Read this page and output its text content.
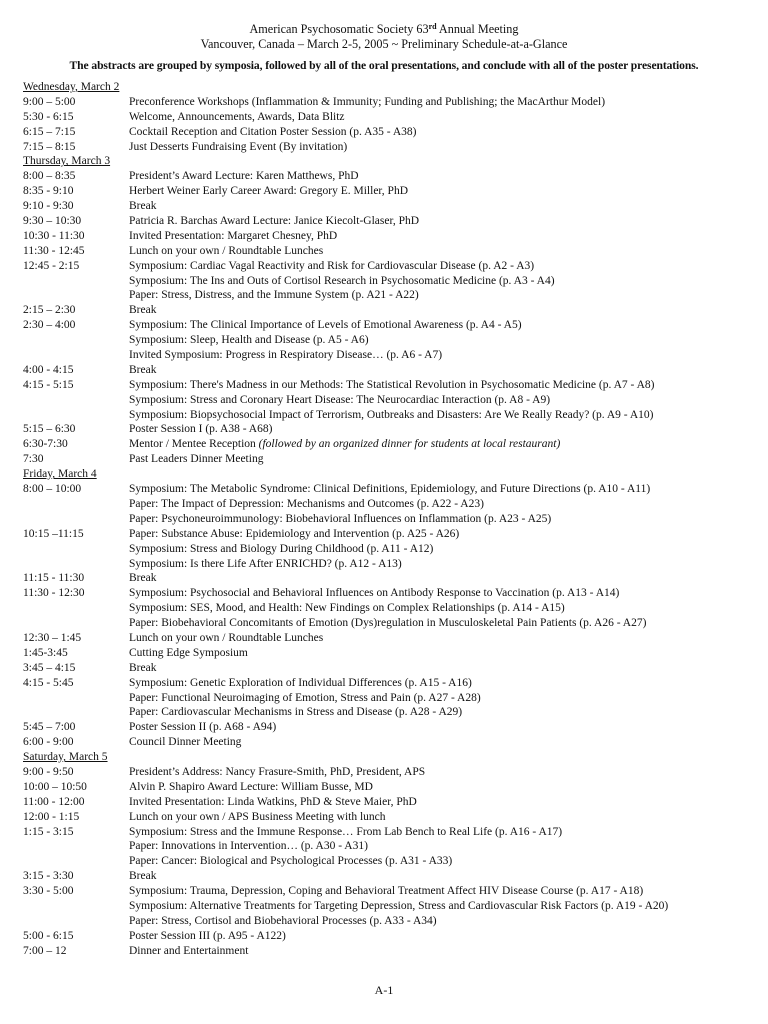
American Psychosomatic Society 63rd Annual Meeting
Vancouver, Canada – March 2-5, 2005 ~ Preliminary Schedule-at-a-Glance
The abstracts are grouped by symposia, followed by all of the oral presentations, and conclude with all of the poster presentations.
Wednesday, March 2
9:00 – 5:00	Preconference Workshops (Inflammation & Immunity; Funding and Publishing; the MacArthur Model)
5:30 - 6:15	Welcome, Announcements, Awards, Data Blitz
6:15 – 7:15	Cocktail Reception and Citation Poster Session (p. A35 - A38)
7:15 – 8:15	Just Desserts Fundraising Event (By invitation)
Thursday, March 3
8:00 – 8:35	President’s Award Lecture: Karen Matthews, PhD
8:35 - 9:10	Herbert Weiner Early Career Award: Gregory E. Miller, PhD
9:10 - 9:30	Break
9:30 – 10:30	Patricia R. Barchas Award Lecture: Janice Kiecolt-Glaser, PhD
10:30 - 11:30	Invited Presentation: Margaret Chesney, PhD
11:30 - 12:45	Lunch on your own / Roundtable Lunches
12:45 - 2:15	Symposium: Cardiac Vagal Reactivity and Risk for Cardiovascular Disease (p. A2 - A3)
Symposium: The Ins and Outs of Cortisol Research in Psychosomatic Medicine (p. A3 - A4)
Paper: Stress, Distress, and the Immune System (p. A21 - A22)
2:15 – 2:30	Break
2:30 – 4:00	Symposium: The Clinical Importance of Levels of Emotional Awareness (p. A4 - A5)
Symposium: Sleep, Health and Disease (p. A5 - A6)
Invited Symposium: Progress in Respiratory Disease… (p. A6 - A7)
4:00 - 4:15	Break
4:15 - 5:15	Symposium: There's Madness in our Methods: The Statistical Revolution in Psychosomatic Medicine (p. A7 - A8)
Symposium: Stress and Coronary Heart Disease: The Neurocardiac Interaction (p. A8 - A9)
Symposium: Biopsychosocial Impact of Terrorism, Outbreaks and Disasters: Are We Really Ready? (p. A9 - A10)
5:15 – 6:30	Poster Session I (p. A38 - A68)
6:30-7:30	Mentor / Mentee Reception (followed by an organized dinner for students at local restaurant)
7:30	Past Leaders Dinner Meeting
Friday, March 4
8:00 – 10:00	Symposium: The Metabolic Syndrome: Clinical Definitions, Epidemiology, and Future Directions (p. A10 - A11)
Paper: The Impact of Depression: Mechanisms and Outcomes (p. A22 - A23)
Paper: Psychoneuroimmunology: Biobehavioral Influences on Inflammation (p. A23 - A25)
10:15 –11:15	Paper: Substance Abuse: Epidemiology and Intervention (p. A25 - A26)
Symposium: Stress and Biology During Childhood (p. A11 - A12)
Symposium: Is there Life After ENRICHD? (p. A12 - A13)
11:15 - 11:30	Break
11:30 - 12:30	Symposium: Psychosocial and Behavioral Influences on Antibody Response to Vaccination (p. A13 - A14)
Symposium: SES, Mood, and Health: New Findings on Complex Relationships (p. A14 - A15)
Paper: Biobehavioral Concomitants of Emotion (Dys)regulation in Musculoskeletal Pain Patients (p. A26 - A27)
12:30 – 1:45	Lunch on your own / Roundtable Lunches
1:45-3:45	Cutting Edge Symposium
3:45 – 4:15	Break
4:15 - 5:45	Symposium: Genetic Exploration of Individual Differences (p. A15 - A16)
Paper: Functional Neuroimaging of Emotion, Stress and Pain (p. A27 - A28)
Paper: Cardiovascular Mechanisms in Stress and Disease (p. A28 - A29)
5:45 – 7:00	Poster Session II (p. A68 - A94)
6:00 - 9:00	Council Dinner Meeting
Saturday, March 5
9:00 - 9:50	President’s Address: Nancy Frasure-Smith, PhD, President, APS
10:00 – 10:50	Alvin P. Shapiro Award Lecture: William Busse, MD
11:00 - 12:00	Invited Presentation: Linda Watkins, PhD & Steve Maier, PhD
12:00 - 1:15	Lunch on your own / APS Business Meeting with lunch
1:15 - 3:15	Symposium: Stress and the Immune Response… From Lab Bench to Real Life (p. A16 - A17)
Paper: Innovations in Intervention… (p. A30 - A31)
Paper: Cancer: Biological and Psychological Processes (p. A31 - A33)
3:15 - 3:30	Break
3:30 - 5:00	Symposium: Trauma, Depression, Coping and Behavioral Treatment Affect HIV Disease Course (p. A17 - A18)
Symposium: Alternative Treatments for Targeting Depression, Stress and Cardiovascular Risk Factors (p. A19 - A20)
Paper: Stress, Cortisol and Biobehavioral Processes (p. A33 - A34)
5:00 - 6:15	Poster Session III (p. A95 - A122)
7:00 – 12	Dinner and Entertainment
A-1
